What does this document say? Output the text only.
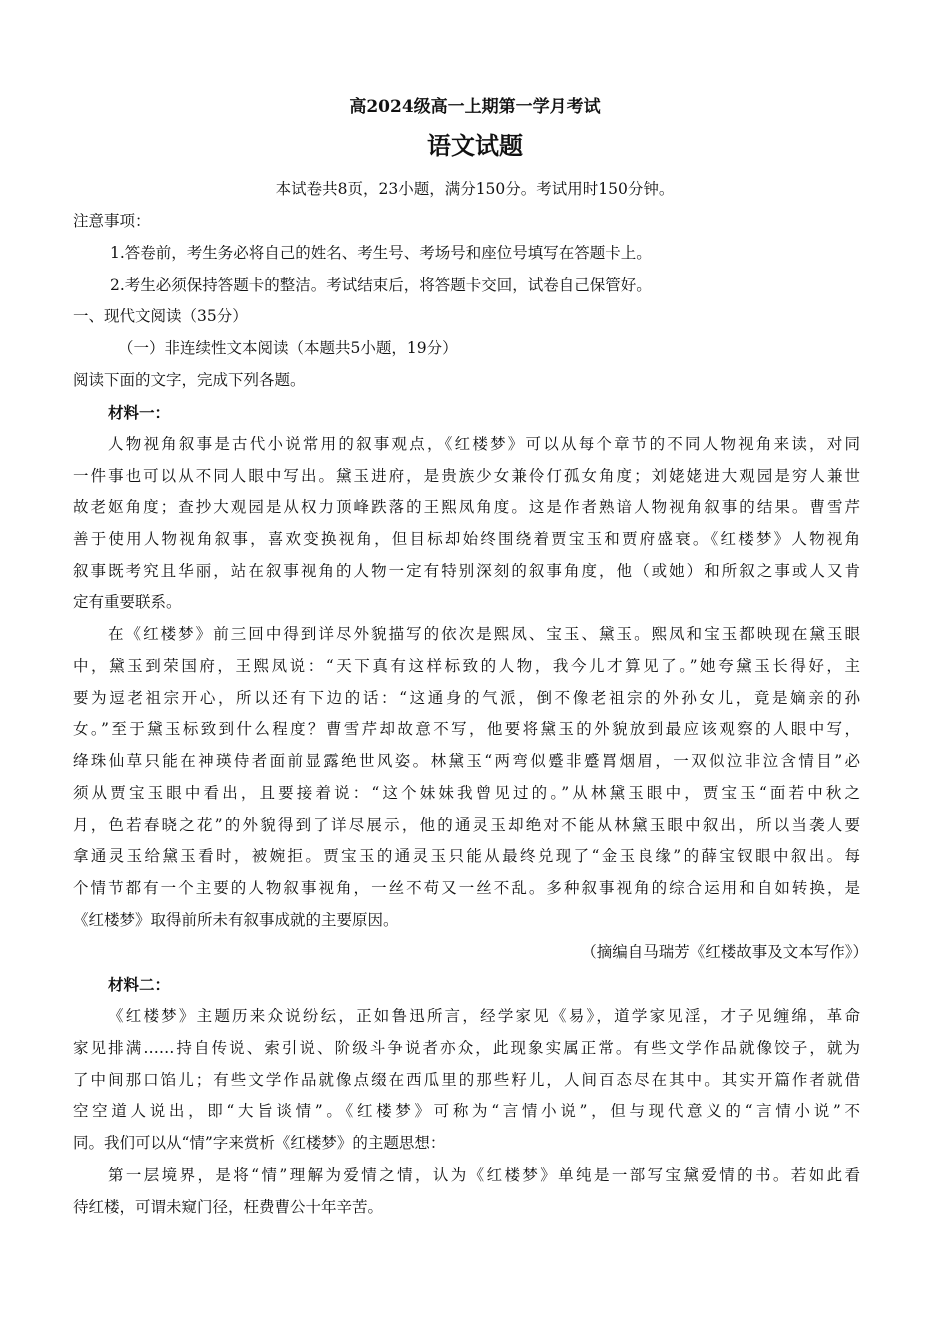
高2024级高一上期第一学月考试
语文试题
本试卷共8页，23小题，满分150分。考试用时150分钟。
注意事项：
1.答卷前，考生务必将自己的姓名、考生号、考场号和座位号填写在答题卡上。
2.考生必须保持答题卡的整洁。考试结束后，将答题卡交回，试卷自己保管好。
一、现代文阅读（35分）
（一）非连续性文本阅读（本题共5小题，19分）
阅读下面的文字，完成下列各题。
材料一：
人物视角叙事是古代小说常用的叙事观点，《红楼梦》可以从每个章节的不同人物视角来读，对同
一件事也可以从不同人眼中写出。黛玉进府，是贵族少女兼伶仃孤女角度；刘姥姥进大观园是穷人兼世
故老妪角度；查抄大观园是从权力顶峰跌落的王熙凤角度。这是作者熟谙人物视角叙事的结果。曹雪芹
善于使用人物视角叙事，喜欢变换视角，但目标却始终围绕着贾宝玉和贾府盛衰。《红楼梦》人物视角
叙事既考究且华丽，站在叙事视角的人物一定有特别深刻的叙事角度，他（或她）和所叙之事或人又肯
定有重要联系。
在《红楼梦》前三回中得到详尽外貌描写的依次是熙凤、宝玉、黛玉。熙凤和宝玉都映现在黛玉眼
中，黛玉到荣国府，王熙凤说：“天下真有这样标致的人物，我今儿才算见了。”她夸黛玉长得好，主
要为逗老祖宗开心，所以还有下边的话：“这通身的气派，倒不像老祖宗的外孙女儿，竟是嫡亲的孙
女。”至于黛玉标致到什么程度？曹雪芹却故意不写，他要将黛玉的外貌放到最应该观察的人眼中写，
绛珠仙草只能在神瑛侍者面前显露绝世风姿。林黛玉“两弯似蹙非蹙罥烟眉，一双似泣非泣含情目”必
须从贾宝玉眼中看出，且要接着说：“这个妹妹我曾见过的。”从林黛玉眼中，贾宝玉“面若中秋之
月，色若春晓之花”的外貌得到了详尽展示，他的通灵玉却绝对不能从林黛玉眼中叙出，所以当袭人要
拿通灵玉给黛玉看时，被婉拒。贾宝玉的通灵玉只能从最终兑现了“金玉良缘”的薛宝钗眼中叙出。每
个情节都有一个主要的人物叙事视角，一丝不苟又一丝不乱。多种叙事视角的综合运用和自如转换，是
《红楼梦》取得前所未有叙事成就的主要原因。
（摘编自马瑞芳《红楼故事及文本写作》）
材料二：
《红楼梦》主题历来众说纷纭，正如鲁迅所言，经学家见《易》，道学家见淫，才子见缠绵，革命
家见排满……持自传说、索引说、阶级斗争说者亦众，此现象实属正常。有些文学作品就像饺子，就为
了中间那口馅儿；有些文学作品就像点缀在西瓜里的那些籽儿，人间百态尽在其中。其实开篇作者就借
空空道人说出，即“大旨谈情”。《红楼梦》可称为“言情小说”，但与现代意义的“言情小说”不
同。我们可以从“情”字来赏析《红楼梦》的主题思想：
第一层境界，是将“情”理解为爱情之情，认为《红楼梦》单纯是一部写宝黛爱情的书。若如此看
待红楼，可谓未窥门径，枉费曹公十年辛苦。
